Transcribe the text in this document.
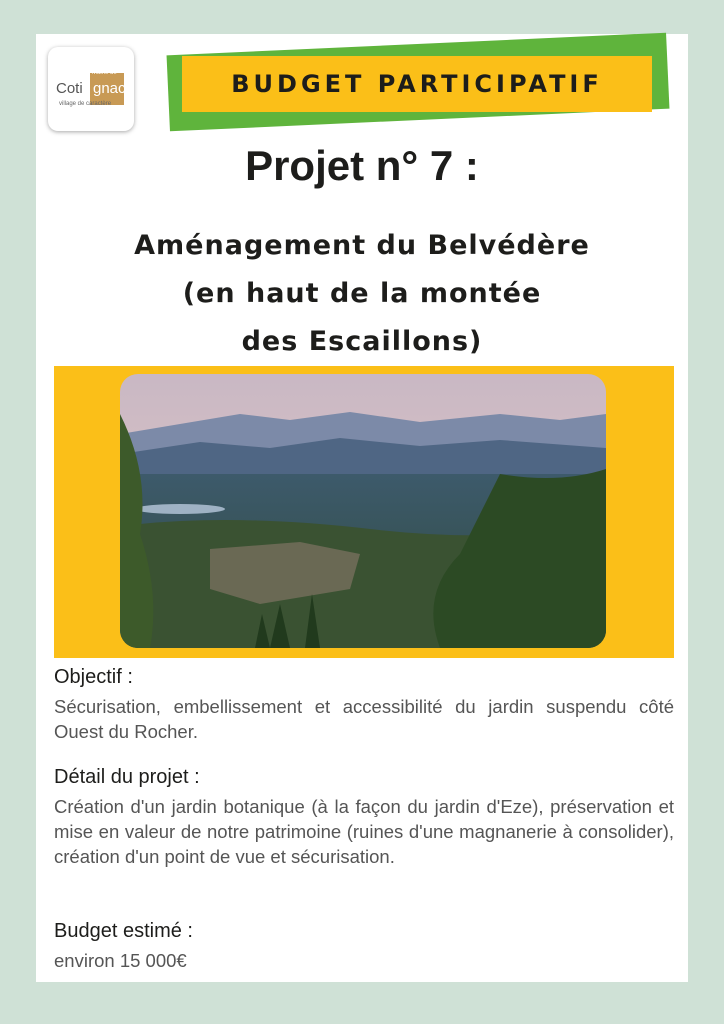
Mairie de
Coti gnac
village de caractère
BUDGET PARTICIPATIF
Projet n° 7 :
Aménagement du Belvédère
(en haut de la montée
des Escaillons)
Objectif :
Sécurisation, embellissement et accessibilité du jardin suspendu côté Ouest du Rocher.
Détail du projet :
Création d'un jardin botanique (à la façon du jardin d'Eze), préservation et mise en valeur de notre patrimoine (ruines d'une magnanerie à consolider), création d'un point de vue et sécurisation.
Budget estimé :
environ 15 000€
